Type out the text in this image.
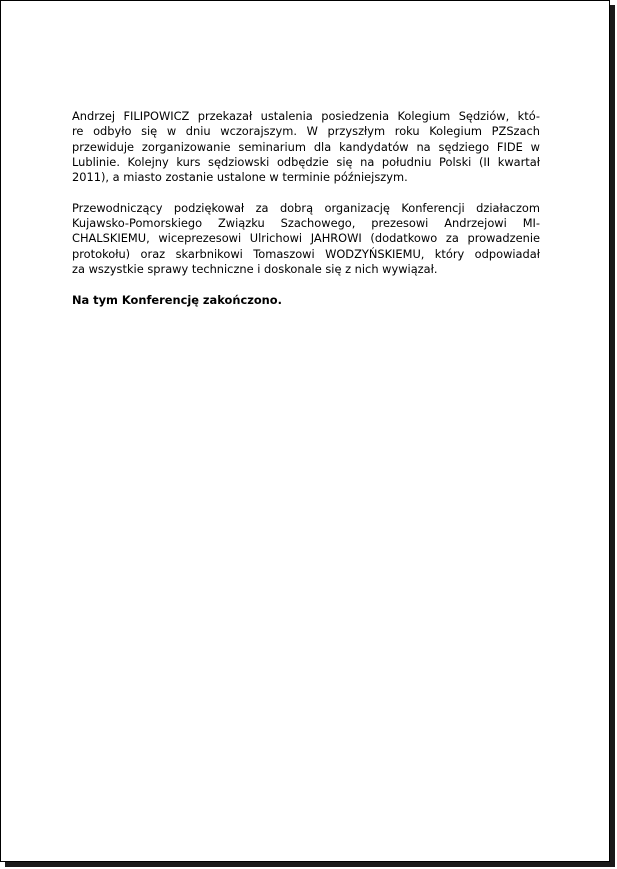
Andrzej FILIPOWICZ przekazał ustalenia posiedzenia Kolegium Sędziów, któ-
re odbyło się w dniu wczorajszym. W przyszłym roku Kolegium PZSzach
przewiduje zorganizowanie seminarium dla kandydatów na sędziego FIDE w
Lublinie. Kolejny kurs sędziowski odbędzie się na południu Polski (II kwartał
2011), a miasto zostanie ustalone w terminie późniejszym.

Przewodniczący podziękował za dobrą organizację Konferencji działaczom
Kujawsko-Pomorskiego Związku Szachowego, prezesowi Andrzejowi MI-
CHALSKIEMU, wiceprezesowi Ulrichowi JAHROWI (dodatkowo za prowadzenie
protokołu) oraz skarbnikowi Tomaszowi WODZYŃSKIEMU, który odpowiadał
za wszystkie sprawy techniczne i doskonale się z nich wywiązał.

Na tym Konferencję zakończono.
